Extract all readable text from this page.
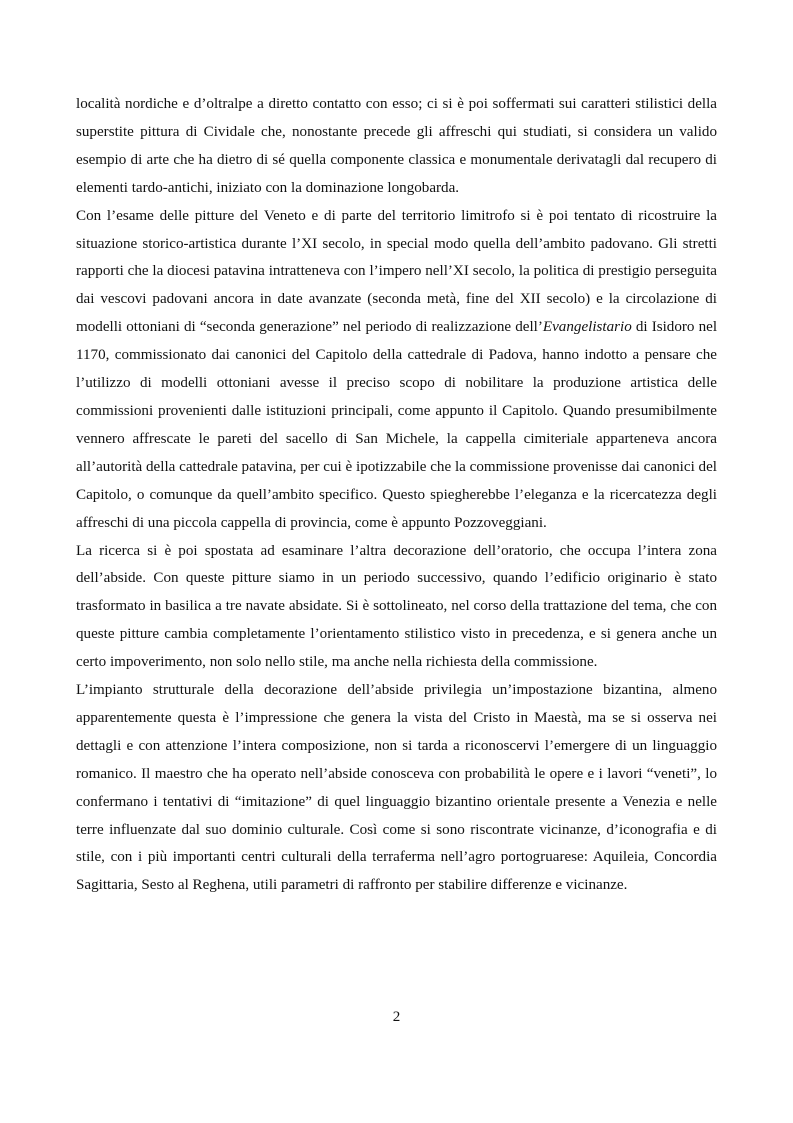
località nordiche e d’oltralpe a diretto contatto con esso; ci si è poi soffermati sui caratteri stilistici della superstite pittura di Cividale che, nonostante precede gli affreschi qui studiati, si considera un valido esempio di arte che ha dietro di sé quella componente classica e monumentale derivatagli dal recupero di elementi tardo-antichi, iniziato con la dominazione longobarda.

Con l’esame delle pitture del Veneto e di parte del territorio limitrofo si è poi tentato di ricostruire la situazione storico-artistica durante l’XI secolo, in special modo quella dell’ambito padovano. Gli stretti rapporti che la diocesi patavina intratteneva con l’impero nell’XI secolo, la politica di prestigio perseguita dai vescovi padovani ancora in date avanzate (seconda metà, fine del XII secolo) e la circolazione di modelli ottoniani di “seconda generazione” nel periodo di realizzazione dell’Evangelistario di Isidoro nel 1170, commissionato dai canonici del Capitolo della cattedrale di Padova, hanno indotto a pensare che l’utilizzo di modelli ottoniani avesse il preciso scopo di nobilitare la produzione artistica delle commissioni provenienti dalle istituzioni principali, come appunto il Capitolo. Quando presumibilmente vennero affrescate le pareti del sacello di San Michele, la cappella cimiteriale apparteneva ancora all’autorità della cattedrale patavina, per cui è ipotizzabile che la commissione provenisse dai canonici del Capitolo, o comunque da quell’ambito specifico. Questo spiegherebbe l’eleganza e la ricercatezza degli affreschi di una piccola cappella di provincia, come è appunto Pozzoveggiani.

La ricerca si è poi spostata ad esaminare l’altra decorazione dell’oratorio, che occupa l’intera zona dell’abside. Con queste pitture siamo in un periodo successivo, quando l’edificio originario è stato trasformato in basilica a tre navate absidate. Si è sottolineato, nel corso della trattazione del tema, che con queste pitture cambia completamente l’orientamento stilistico visto in precedenza, e si genera anche un certo impoverimento, non solo nello stile, ma anche nella richiesta della commissione.

L’impianto strutturale della decorazione dell’abside privilegia un’impostazione bizantina, almeno apparentemente questa è l’impressione che genera la vista del Cristo in Maestà, ma se si osserva nei dettagli e con attenzione l’intera composizione, non si tarda a riconoscervi l’emergere di un linguaggio romanico. Il maestro che ha operato nell’abside conosceva con probabilità le opere e i lavori “veneti”, lo confermano i tentativi di “imitazione” di quel linguaggio bizantino orientale presente a Venezia e nelle terre influenzate dal suo dominio culturale. Così come si sono riscontrate vicinanze, d’iconografia e di stile, con i più importanti centri culturali della terraferma nell’agro portogruarese: Aquileia, Concordia Sagittaria, Sesto al Reghena, utili parametri di raffronto per stabilire differenze e vicinanze.

2
